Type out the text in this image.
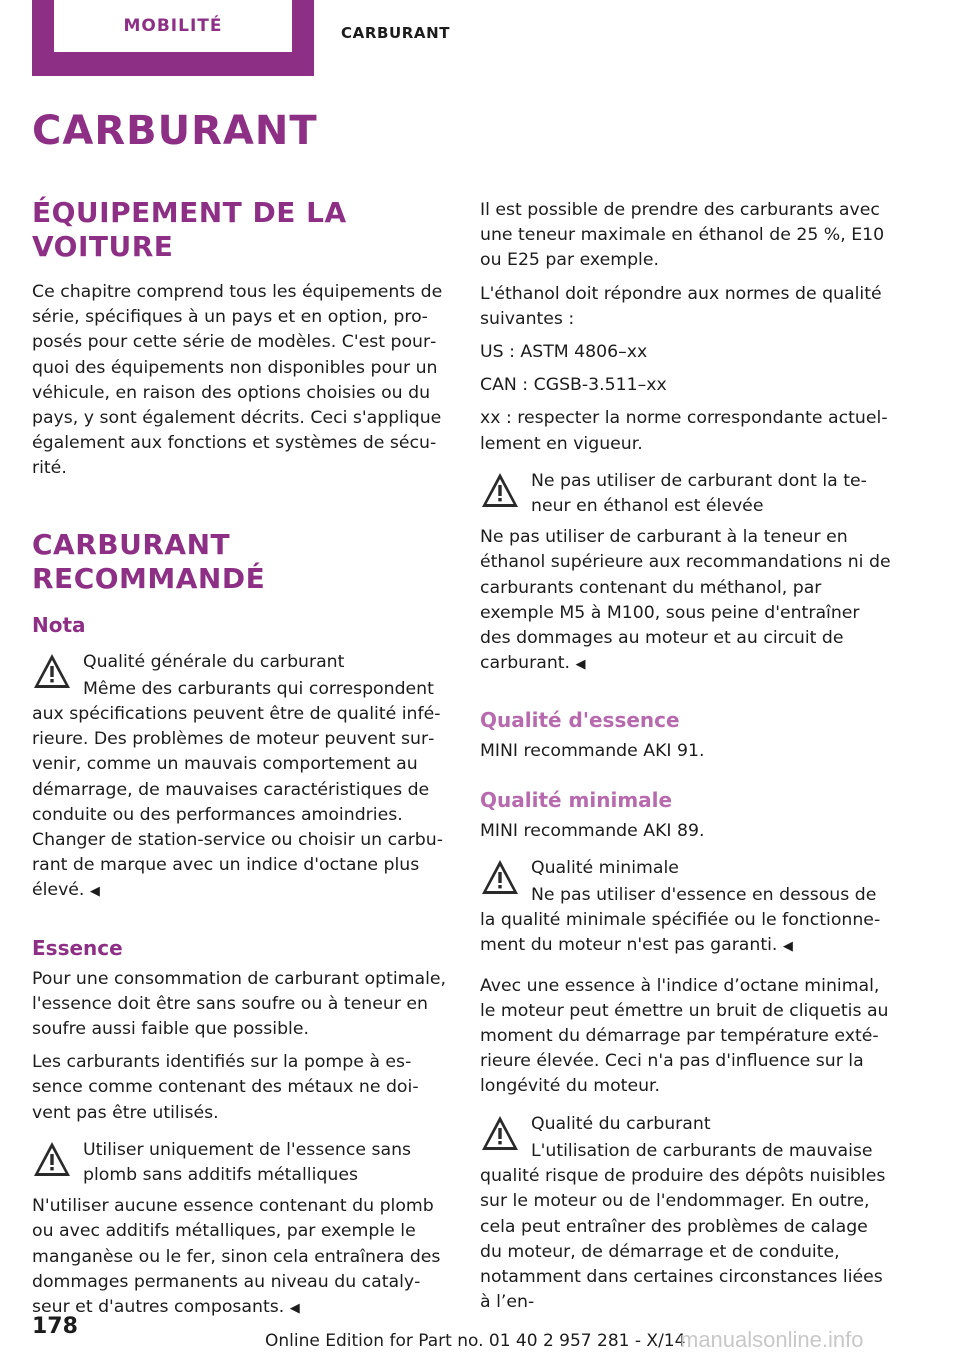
MOBILITÉ	CARBURANT
CARBURANT
ÉQUIPEMENT DE LA VOITURE

Ce chapitre comprend tous les équipements de série, spécifiques à un pays et en option, proposés pour cette série de modèles. C'est pourquoi des équipements non disponibles pour un véhicule, en raison des options choisies ou du pays, y sont également décrits. Ceci s'applique également aux fonctions et systèmes de sécurité.

CARBURANT RECOMMANDÉ
Nota

Qualité générale du carburant

Même des carburants qui correspondent aux spécifications peuvent être de qualité inférieure. Des problèmes de moteur peuvent survenir, comme un mauvais comportement au démarrage, de mauvaises caractéristiques de conduite ou des performances amoindries. Changer de station-service ou choisir un carburant de marque avec un indice d'octane plus élevé. ◀

Essence

Pour une consommation de carburant optimale, l'essence doit être sans soufre ou à teneur en soufre aussi faible que possible.

Les carburants identifiés sur la pompe à essence comme contenant des métaux ne doivent pas être utilisés.

Utiliser uniquement de l'essence sans plomb sans additifs métalliques

N'utiliser aucune essence contenant du plomb ou avec additifs métalliques, par exemple le manganèse ou le fer, sinon cela entraînera des dommages permanents au niveau du catalyseur et d'autres composants. ◀

Il est possible de prendre des carburants avec une teneur maximale en éthanol de 25 %, E10 ou E25 par exemple.

L'éthanol doit répondre aux normes de qualité suivantes :

US : ASTM 4806–xx

CAN : CGSB-3.511–xx

xx : respecter la norme correspondante actuellement en vigueur.

Ne pas utiliser de carburant dont la teneur en éthanol est élevée

Ne pas utiliser de carburant à la teneur en éthanol supérieure aux recommandations ni de carburants contenant du méthanol, par exemple M5 à M100, sous peine d'entraîner des dommages au moteur et au circuit de carburant. ◀

Qualité d'essence

MINI recommande AKI 91.

Qualité minimale

MINI recommande AKI 89.

Qualité minimale

Ne pas utiliser d'essence en dessous de la qualité minimale spécifiée ou le fonctionnement du moteur n'est pas garanti. ◀

Avec une essence à l'indice d’octane minimal, le moteur peut émettre un bruit de cliquetis au moment du démarrage par température extérieure élevée. Ceci n'a pas d'influence sur la longévité du moteur.

Qualité du carburant

L'utilisation de carburants de mauvaise qualité risque de produire des dépôts nuisibles sur le moteur ou de l'endommager. En outre, cela peut entraîner des problèmes de calage du moteur, de démarrage et de conduite, notamment dans certaines circonstances liées à l’en-

178
Online Edition for Part no. 01 40 2 957 281 - X/14
manualsonline.info
